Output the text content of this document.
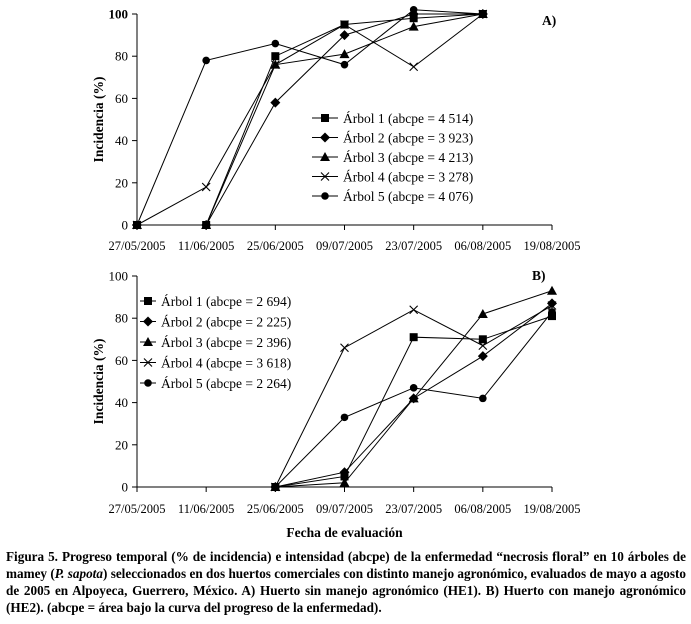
0
20
40
60
80
100
27/05/2005 11/06/2005 25/06/2005 09/07/2005 23/07/2005 06/08/2005 19/08/2005
Incidencia (%)
A)
Árbol 1 (abcpe = 4 514)
Árbol 2 (abcpe = 3 923)
Árbol 3 (abcpe = 4 213)
Árbol 4 (abcpe = 3 278)
Árbol 5 (abcpe = 4 076)
0
20
40
60
80
100
27/05/2005 11/06/2005 25/06/2005 09/07/2005 23/07/2005 06/08/2005 19/08/2005
Incidencia (%)
Fecha de evaluación
B)
Árbol 1 (abcpe = 2 694)
Árbol 2 (abcpe = 2 225)
Árbol 3 (abcpe = 2 396)
Árbol 4 (abcpe = 3 618)
Árbol 5 (abcpe = 2 264)

Figura 5. Progreso temporal (% de incidencia) e intensidad (abcpe) de la enfermedad “necrosis floral” en 10 árboles de mamey (P. sapota) seleccionados en dos huertos comerciales con distinto manejo agronómico, evaluados de mayo a agosto de 2005 en Alpoyeca, Guerrero, México. A) Huerto sin manejo agronómico (HE1). B) Huerto con manejo agronómico (HE2). (abcpe = área bajo la curva del progreso de la enfermedad).
